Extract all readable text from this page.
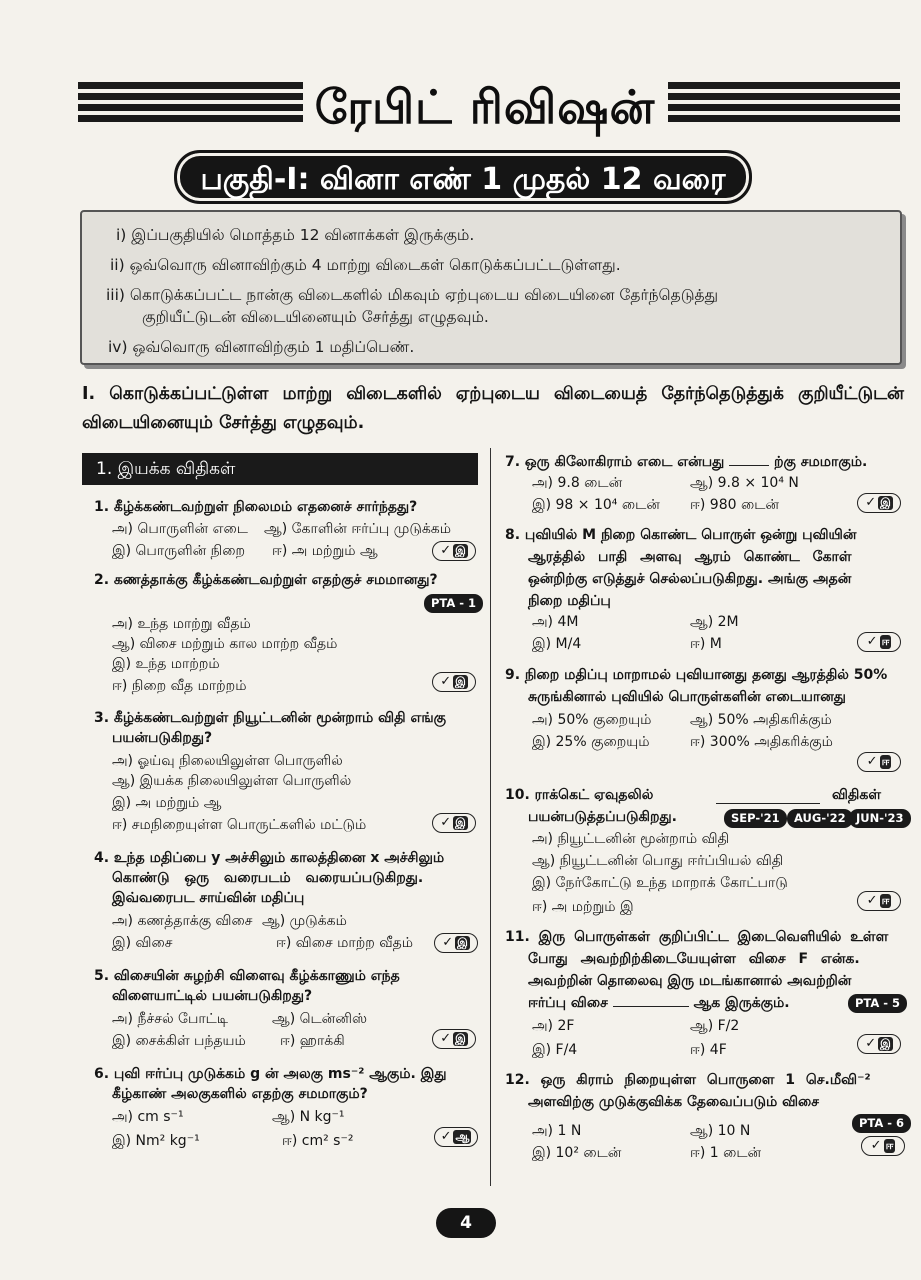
ரேபிட் ரிவிஷன்
பகுதி-I: வினா எண் 1 முதல் 12 வரை
i) இப்பகுதியில் மொத்தம் 12 வினாக்கள் இருக்கும்.
ii) ஒவ்வொரு வினாவிற்கும் 4 மாற்று விடைகள் கொடுக்கப்பட்டடுள்ளது.
iii) கொடுக்கப்பட்ட நான்கு விடைகளில் மிகவும் ஏற்புடைய விடையினை தேர்ந்தெடுத்து
குறியீட்டுடன் விடையினையும் சேர்த்து எழுதவும்.
iv) ஒவ்வொரு வினாவிற்கும் 1 மதிப்பெண்.
I. கொடுக்கப்பட்டுள்ள மாற்று விடைகளில் ஏற்புடைய விடையைத் தேர்ந்தெடுத்துக் குறியீட்டுடன் விடையினையும் சேர்த்து எழுதவும்.
1. இயக்க விதிகள்
1. கீழ்க்கண்டவற்றுள் நிலைமம் எதனைச் சார்ந்தது?
அ) பொருளின் எடை ஆ) கோளின் ஈர்ப்பு முடுக்கம்
இ) பொருளின் நிறை ஈ) அ மற்றும் ஆ	✓ இ
2. கணத்தாக்கு கீழ்க்கண்டவற்றுள் எதற்குச் சமமானது?
PTA - 1
அ) உந்த மாற்று வீதம்
ஆ) விசை மற்றும் கால மாற்ற வீதம்
இ) உந்த மாற்றம்
ஈ) நிறை வீத மாற்றம்	✓ இ
3. கீழ்க்கண்டவற்றுள் நியூட்டனின் மூன்றாம் விதி எங்கு
பயன்படுகிறது?
அ) ஓய்வு நிலையிலுள்ள பொருளில்
ஆ) இயக்க நிலையிலுள்ள பொருளில்
இ) அ மற்றும் ஆ
ஈ) சமநிறையுள்ள பொருட்களில் மட்டும்	✓ இ
4. உந்த மதிப்பை y அச்சிலும் காலத்தினை x அச்சிலும்
கொண்டு ஒரு வரைபடம் வரையப்படுகிறது.
இவ்வரைபட சாய்வின் மதிப்பு
அ) கணத்தாக்கு விசை ஆ) முடுக்கம்
இ) விசை	ஈ) விசை மாற்ற வீதம்	✓ இ
5. விசையின் சுழற்சி விளைவு கீழ்க்காணும் எந்த
விளையாட்டில் பயன்படுகிறது?
அ) நீச்சல் போட்டி	ஆ) டென்னிஸ்
இ) சைக்கிள் பந்தயம் ஈ) ஹாக்கி	✓ இ
6. புவி ஈர்ப்பு முடுக்கம் g ன் அலகு ms⁻² ஆகும். இது
கீழ்காண் அலகுகளில் எதற்கு சமமாகும்?
அ) cm s⁻¹	ஆ) N kg⁻¹
இ) Nm² kg⁻¹	ஈ) cm² s⁻²	✓ ஆ
7. ஒரு கிலோகிராம் எடை என்பது	ற்கு சமமாகும்.
அ) 9.8 டைன்	ஆ) 9.8 × 10⁴ N
இ) 98 × 10⁴ டைன் ஈ) 980 டைன்	✓ இ
8. புவியில் M நிறை கொண்ட பொருள் ஒன்று புவியின்
ஆரத்தில் பாதி அளவு ஆரம் கொண்ட கோள்
ஒன்றிற்கு எடுத்துச் செல்லப்படுகிறது. அங்கு அதன்
நிறை மதிப்பு
அ) 4M	ஆ) 2M
இ) M/4	ஈ) M	✓ ஈ
9. நிறை மதிப்பு மாறாமல் புவியானது தனது ஆரத்தில் 50%
சுருங்கினால் புவியில் பொருள்களின் எடையானது
அ) 50% குறையும்	ஆ) 50% அதிகரிக்கும்
இ) 25% குறையும்	ஈ) 300% அதிகரிக்கும்
✓ ஈ
10. ராக்கெட் ஏவுதலில்	விதிகள்
பயன்படுத்தப்படுகிறது.	SEP-'21	AUG-'22 JUN-'23
அ) நியூட்டனின் மூன்றாம் விதி
ஆ) நியூட்டனின் பொது ஈர்ப்பியல் விதி
இ) நேர்கோட்டு உந்த மாறாக் கோட்பாடு
ஈ) அ மற்றும் இ	✓ ஈ
11. இரு பொருள்கள் குறிப்பிட்ட இடைவெளியில் உள்ள
போது அவற்றிற்கிடையேயுள்ள விசை F என்க.
அவற்றின் தொலைவு இரு மடங்கானால் அவற்றின்
ஈர்ப்பு விசை	ஆக இருக்கும்.	PTA - 5
அ) 2F	ஆ) F/2
இ) F/4	ஈ) 4F	✓ இ
12. ஒரு கிராம் நிறையுள்ள பொருளை 1 செ.மீவி⁻²
அளவிற்கு முடுக்குவிக்க தேவைப்படும் விசை
PTA - 6
அ) 1 N	ஆ) 10 N
இ) 10² டைன்	ஈ) 1 டைன்	✓ ஈ
4
